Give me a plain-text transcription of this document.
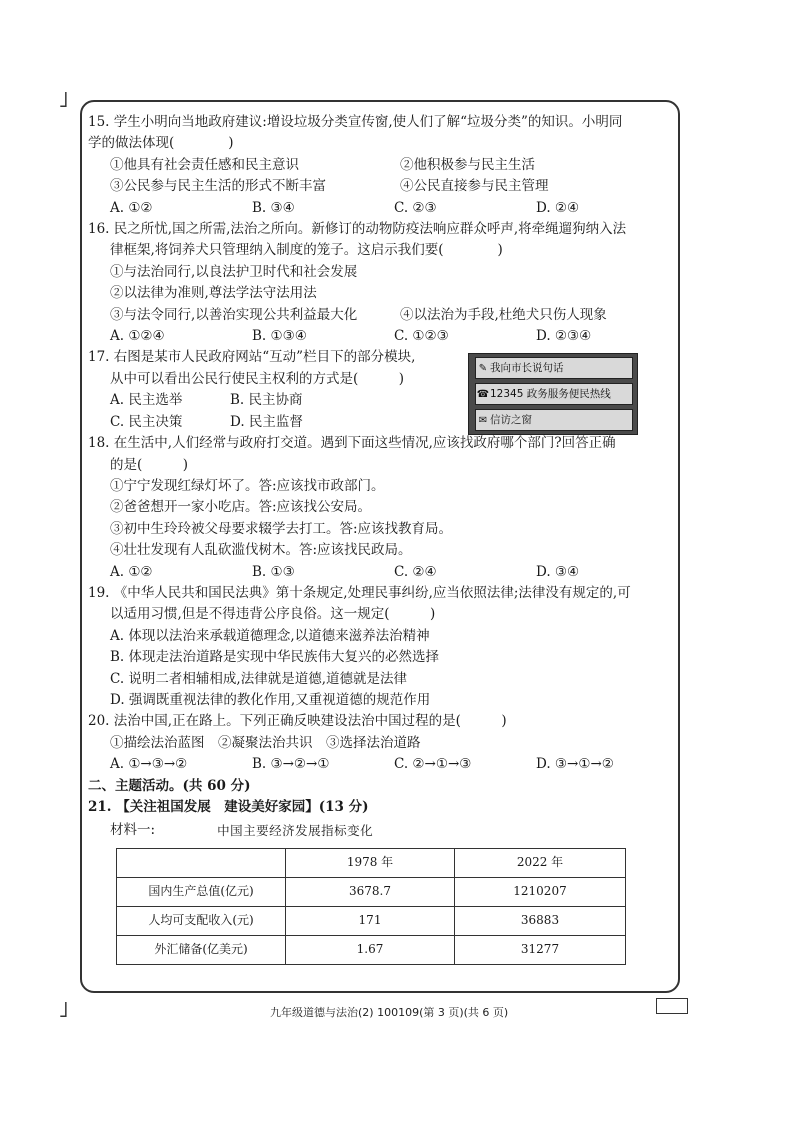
˩
˩
15. 学生小明向当地政府建议:增设垃圾分类宣传窗,使人们了解“垃圾分类”的知识。小明同
学的做法体现(　　　　)
①他具有社会责任感和民主意识	②他积极参与民主生活
③公民参与民主生活的形式不断丰富	④公民直接参与民主管理
A. ①②	B. ③④	C. ②③	D. ②④
16. 民之所忧,国之所需,法治之所向。新修订的动物防疫法响应群众呼声,将牵绳遛狗纳入法
律框架,将饲养犬只管理纳入制度的笼子。这启示我们要(　　　　)
①与法治同行,以良法护卫时代和社会发展
②以法律为准则,尊法学法守法用法
③与法令同行,以善治实现公共利益最大化	④以法治为手段,杜绝犬只伤人现象
A. ①②④	B. ①③④	C. ①②③	D. ②③④
17. 右图是某市人民政府网站“互动”栏目下的部分模块,
从中可以看出公民行使民主权利的方式是(　　　)
A. 民主选举	B. 民主协商
C. 民主决策	D. 民主监督
✎ 我向市长说句话
☎12345 政务服务便民热线
✉ 信访之窗
18. 在生活中,人们经常与政府打交道。遇到下面这些情况,应该找政府哪个部门?回答正确
的是(　　　)
①宁宁发现红绿灯坏了。答:应该找市政部门。
②爸爸想开一家小吃店。答:应该找公安局。
③初中生玲玲被父母要求辍学去打工。答:应该找教育局。
④壮壮发现有人乱砍滥伐树木。答:应该找民政局。
A. ①②	B. ①③	C. ②④	D. ③④
19. 《中华人民共和国民法典》第十条规定,处理民事纠纷,应当依照法律;法律没有规定的,可
以适用习惯,但是不得违背公序良俗。这一规定(　　　)
A. 体现以法治来承载道德理念,以道德来滋养法治精神
B. 体现走法治道路是实现中华民族伟大复兴的必然选择
C. 说明二者相辅相成,法律就是道德,道德就是法律
D. 强调既重视法律的教化作用,又重视道德的规范作用
20. 法治中国,正在路上。下列正确反映建设法治中国过程的是(　　　)
①描绘法治蓝图　②凝聚法治共识　③选择法治道路
A. ①→③→②	B. ③→②→①	C. ②→①→③	D. ③→①→②
二、主题活动。(共 60 分)
21. 【关注祖国发展　建设美好家园】(13 分)
材料一:	中国主要经济发展指标变化
	1978 年	2022 年
国内生产总值(亿元)	3678.7	1210207
人均可支配收入(元)	171	36883
外汇储备(亿美元)	1.67	31277
九年级道德与法治(2) 100109(第 3 页)(共 6 页)
